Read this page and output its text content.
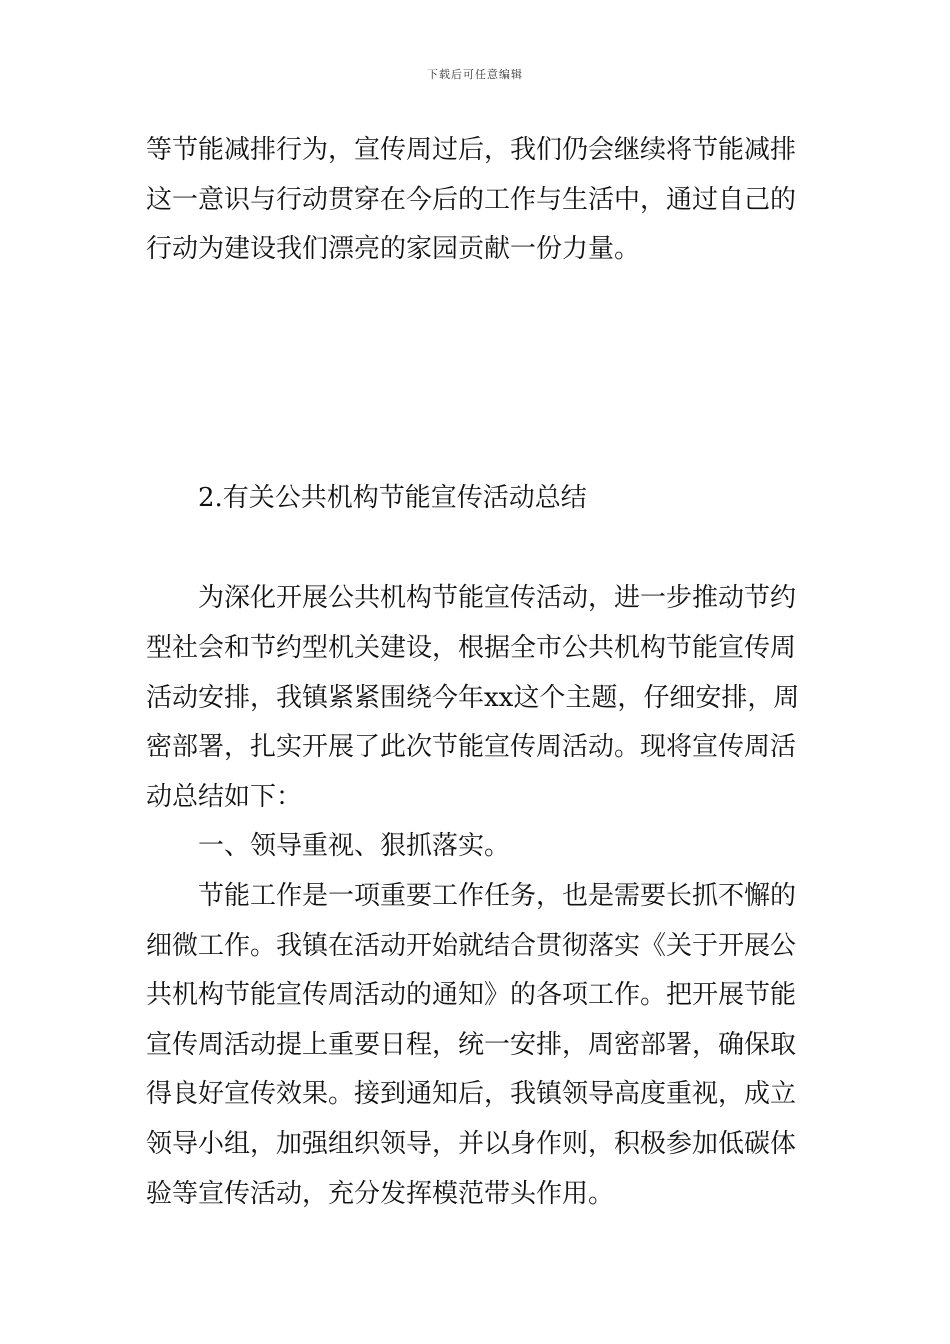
下载后可任意编辑
等节能减排行为，宣传周过后，我们仍会继续将节能减排
这一意识与行动贯穿在今后的工作与生活中，通过自己的
行动为建设我们漂亮的家园贡献一份力量。
2.有关公共机构节能宣传活动总结
为深化开展公共机构节能宣传活动，进一步推动节约
型社会和节约型机关建设，根据全市公共机构节能宣传周
活动安排，我镇紧紧围绕今年xx这个主题，仔细安排，周
密部署，扎实开展了此次节能宣传周活动。现将宣传周活
动总结如下：
一、领导重视、狠抓落实。
节能工作是一项重要工作任务，也是需要长抓不懈的
细微工作。我镇在活动开始就结合贯彻落实《关于开展公
共机构节能宣传周活动的通知》的各项工作。把开展节能
宣传周活动提上重要日程，统一安排，周密部署，确保取
得良好宣传效果。接到通知后，我镇领导高度重视，成立
领导小组，加强组织领导，并以身作则，积极参加低碳体
验等宣传活动，充分发挥模范带头作用。
